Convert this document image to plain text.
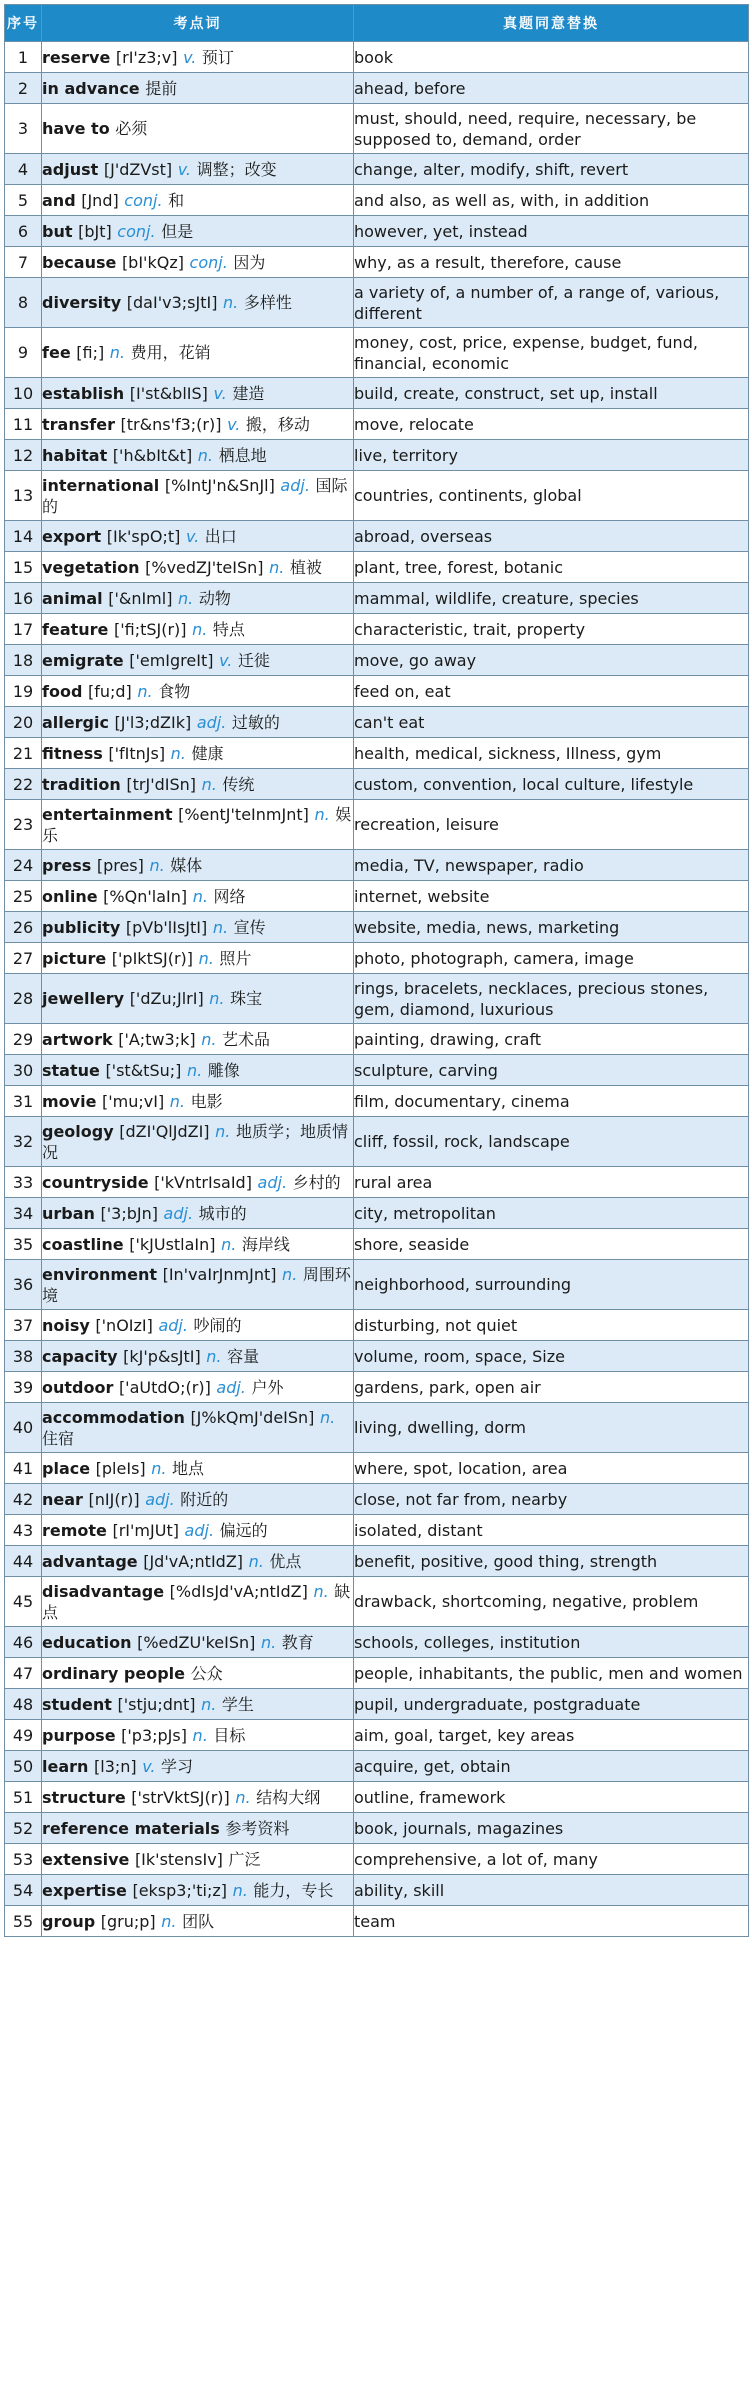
序号	考点词	真题同意替换
1	reserve [rI'z3;v] v. 预订	book
2	in advance 提前	ahead, before
3	have to 必须	must, should, need, require, necessary, be supposed to, demand, order
4	adjust [J'dZVst] v. 调整；改变	change, alter, modify, shift, revert
5	and [Jnd] conj. 和	and also, as well as, with, in addition
6	but [bJt] conj. 但是	however, yet, instead
7	because [bI'kQz] conj. 因为	why, as a result, therefore, cause
8	diversity [daI'v3;sJtI] n. 多样性	a variety of, a number of, a range of, various, different
9	fee [fi;] n. 费用，花销	money, cost, price, expense, budget, fund, financial, economic
10	establish [I'st&blIS] v. 建造	build, create, construct, set up, install
11	transfer [tr&ns'f3;(r)] v. 搬，移动	move, relocate
12	habitat ['h&bIt&t] n. 栖息地	live, territory
13	international [%IntJ'n&SnJl] adj. 国际的	countries, continents, global
14	export [Ik'spO;t] v. 出口	abroad, overseas
15	vegetation [%vedZJ'teISn] n. 植被	plant, tree, forest, botanic
16	animal ['&nIml] n. 动物	mammal, wildlife, creature, species
17	feature ['fi;tSJ(r)] n. 特点	characteristic, trait, property
18	emigrate ['emIgreIt] v. 迁徙	move, go away
19	food [fu;d] n. 食物	feed on, eat
20	allergic [J'l3;dZIk] adj. 过敏的	can't eat
21	fitness ['fItnJs] n. 健康	health, medical, sickness, Illness, gym
22	tradition [trJ'dISn] n. 传统	custom, convention, local culture, lifestyle
23	entertainment [%entJ'teInmJnt] n. 娱乐	recreation, leisure
24	press [pres] n. 媒体	media, TV, newspaper, radio
25	online [%Qn'laIn] n. 网络	internet, website
26	publicity [pVb'lIsJtI] n. 宣传	website, media, news, marketing
27	picture ['pIktSJ(r)] n. 照片	photo, photograph, camera, image
28	jewellery ['dZu;JlrI] n. 珠宝	rings, bracelets, necklaces, precious stones, gem, diamond, luxurious
29	artwork ['A;tw3;k] n. 艺术品	painting, drawing, craft
30	statue ['st&tSu;] n. 雕像	sculpture, carving
31	movie ['mu;vI] n. 电影	film, documentary, cinema
32	geology [dZI'QlJdZI] n. 地质学；地质情况	cliff, fossil, rock, landscape
33	countryside ['kVntrIsaId] adj. 乡村的	rural area
34	urban ['3;bJn] adj. 城市的	city, metropolitan
35	coastline ['kJUstlaIn] n. 海岸线	shore, seaside
36	environment [In'vaIrJnmJnt] n. 周围环境	neighborhood, surrounding
37	noisy ['nOIzI] adj. 吵闹的	disturbing, not quiet
38	capacity [kJ'p&sJtI] n. 容量	volume, room, space, Size
39	outdoor ['aUtdO;(r)] adj. 户外	gardens, park, open air
40	accommodation [J%kQmJ'deISn] n. 住宿	living, dwelling, dorm
41	place [pleIs] n. 地点	where, spot, location, area
42	near [nIJ(r)] adj. 附近的	close, not far from, nearby
43	remote [rI'mJUt] adj. 偏远的	isolated, distant
44	advantage [Jd'vA;ntIdZ] n. 优点	benefit, positive, good thing, strength
45	disadvantage [%dIsJd'vA;ntIdZ] n. 缺点	drawback, shortcoming, negative, problem
46	education [%edZU'keISn] n. 教育	schools, colleges, institution
47	ordinary people 公众	people, inhabitants, the public, men and women
48	student ['stju;dnt] n. 学生	pupil, undergraduate, postgraduate
49	purpose ['p3;pJs] n. 目标	aim, goal, target, key areas
50	learn [l3;n] v. 学习	acquire, get, obtain
51	structure ['strVktSJ(r)] n. 结构大纲	outline, framework
52	reference materials 参考资料	book, journals, magazines
53	extensive [Ik'stensIv] 广泛	comprehensive, a lot of, many
54	expertise [eksp3;'ti;z] n. 能力，专长	ability, skill
55	group [gru;p] n. 团队	team
